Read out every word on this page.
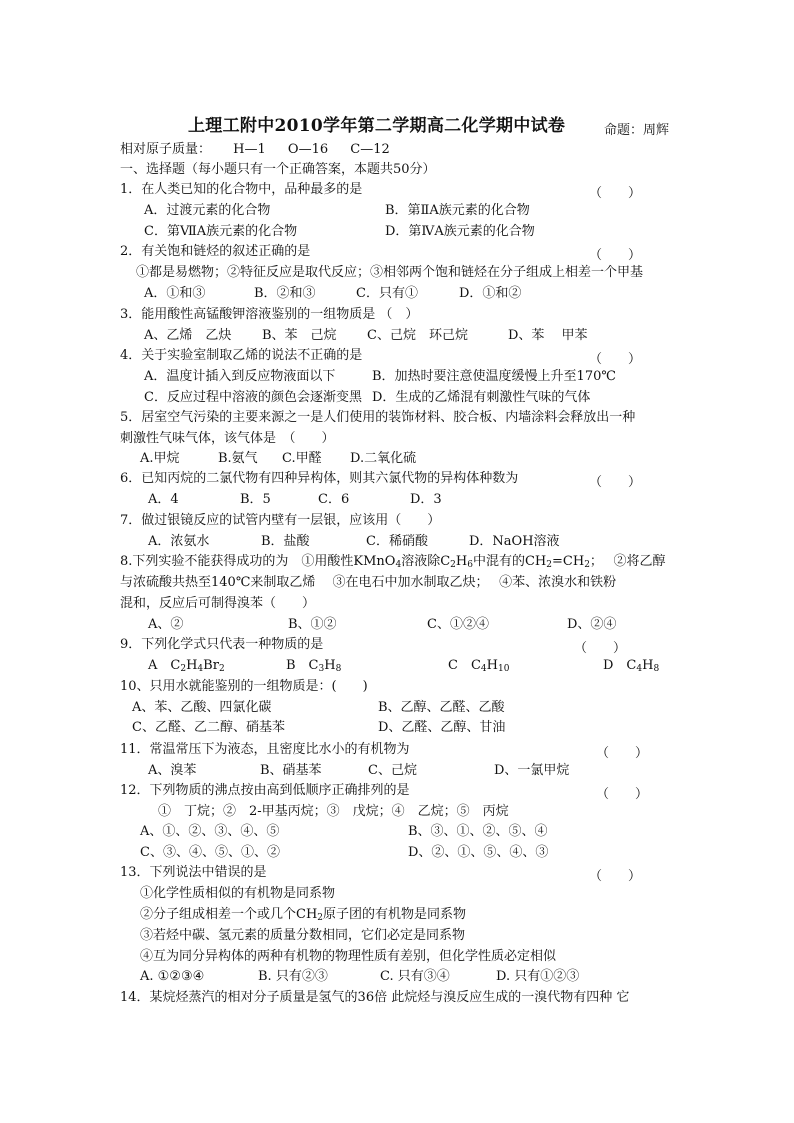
上理工附中2010学年第二学期高二化学期中试卷	命题：周辉
相对原子质量： H—1 O—16 C—12
一、选择题（每小题只有一个正确答案，本题共50分）
1．在人类已知的化合物中，品种最多的是	（　　）
A．过渡元素的化合物	B．第ⅡA族元素的化合物
C．第ⅦA族元素的化合物	D．第ⅣA族元素的化合物
2．有关饱和链烃的叙述正确的是	（　　）
①都是易燃物；②特征反应是取代反应；③相邻两个饱和链烃在分子组成上相差一个甲基
A．①和③	B．②和③	C．只有①	D．①和②
3．能用酸性高锰酸钾溶液鉴别的一组物质是 （　）
A、乙烯　乙炔 B、苯　己烷 C、己烷　环己烷	D、苯　 甲苯
4．关于实验室制取乙烯的说法不正确的是	（　　）
A．温度计插入到反应物液面以下	B．加热时要注意使温度缓慢上升至170℃
C．反应过程中溶液的颜色会逐渐变黑 D．生成的乙烯混有刺激性气味的气体
5．居室空气污染的主要来源之一是人们使用的装饰材料、胶合板、内墙涂料会释放出一种
刺激性气味气体，该气体是　（　　）
A.甲烷	B.氨气 C.甲醛 D.二氧化硫
6．已知丙烷的二氯代物有四种异构体，则其六氯代物的异构体种数为	（　　）
A．4	B．5	C．6	D．3
7．做过银镜反应的试管内壁有一层银，应该用（　　）
A．浓氨水	B．盐酸	C．稀硝酸	D．NaOH溶液
8.下列实验不能获得成功的为　①用酸性KMnO$_4$溶液除$C_2H_6$中混有的$CH_2=CH_2$；　 ②将乙醇
与浓硫酸共热至140℃来制取乙烯　 ③在电石中加水制取乙炔；　 ④苯、浓溴水和铁粉
混和，反应后可制得溴苯（　　）
A、②	B、①②	C、①②④	D、②④
9．下列化学式只代表一种物质的是	（　　）
A　$C_2H_4Br_2$	B　$C_3H_8$	C　$C_4H_{10}$	D　$C_4H_8$
10、只用水就能鉴别的一组物质是：(　　)
A、苯、乙酸、四氯化碳	B、乙醇、乙醛、乙酸
C、乙醛、乙二醇、硝基苯	D、乙醛、乙醇、甘油
11．常温常压下为液态，且密度比水小的有机物为	（　　）
A、溴苯	B、硝基苯	C、己烷	D、一氯甲烷
12．下列物质的沸点按由高到低顺序正确排列的是	（　　）
①　丁烷；②　2-甲基丙烷；③　戊烷；④　乙烷；⑤　丙烷
A、①、②、③、④、⑤	B、③、①、②、⑤、④
C、③、④、⑤、①、②	D、②、①、⑤、④、③
13．下列说法中错误的是	（　　）
①化学性质相似的有机物是同系物
②分子组成相差一个或几个$CH_2$原子团的有机物是同系物
③若烃中碳、氢元素的质量分数相同，它们必定是同系物
④互为同分异构体的两种有机物的物理性质有差别，但化学性质必定相似
A. ①②③④	B. 只有②③	C. 只有③④	D. 只有①②③
14．某烷烃蒸汽的相对分子质量是氢气的36倍 此烷烃与溴反应生成的一溴代物有四种 它
